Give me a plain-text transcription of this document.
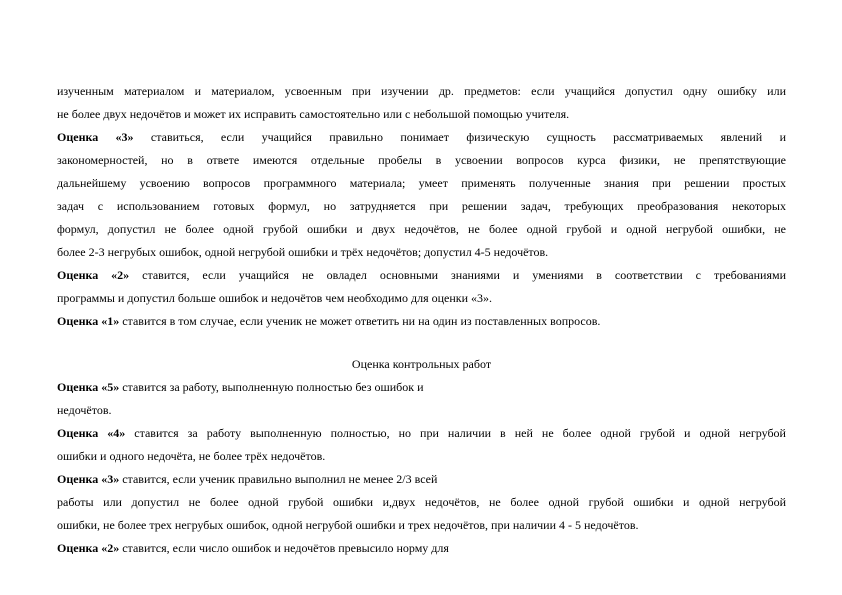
изученным материалом и материалом, усвоенным при изучении др. предметов: если учащийся допустил одну ошибку или
не более двух недочётов и может их исправить самостоятельно или с небольшой помощью учителя.
Оценка «3» ставиться, если учащийся правильно понимает физическую сущность рассматриваемых явлений и
закономерностей, но в ответе имеются отдельные пробелы в усвоении вопросов курса физики, не препятствующие
дальнейшему усвоению вопросов программного материала; умеет применять полученные знания при решении простых
задач с использованием готовых формул, но затрудняется при решении задач, требующих преобразования некоторых
формул, допустил не более одной грубой ошибки и двух недочётов, не более одной грубой и одной негрубой ошибки, не
более 2-3 негрубых ошибок, одной негрубой ошибки и трёх недочётов; допустил 4-5 недочётов.
Оценка «2» ставится, если учащийся не овладел основными знаниями и умениями в соответствии с требованиями
программы и допустил больше ошибок и недочётов чем необходимо для оценки «3».
Оценка «1» ставится в том случае, если ученик не может ответить ни на один из поставленных вопросов.
Оценка контрольных работ
Оценка «5» ставится за работу, выполненную полностью без ошибок и
недочётов.
Оценка «4» ставится за работу выполненную полностью, но при наличии в ней не более одной грубой и одной негрубой
ошибки и одного недочёта, не более трёх недочётов.
Оценка «3» ставится, если ученик правильно выполнил не менее 2/3 всей
работы или допустил не более одной грубой ошибки и,двух недочётов, не более одной грубой ошибки и одной негрубой
ошибки, не более трех негрубых ошибок, одной негрубой ошибки и трех недочётов, при наличии 4 - 5 недочётов.
Оценка «2» ставится, если число ошибок и недочётов превысило норму для
